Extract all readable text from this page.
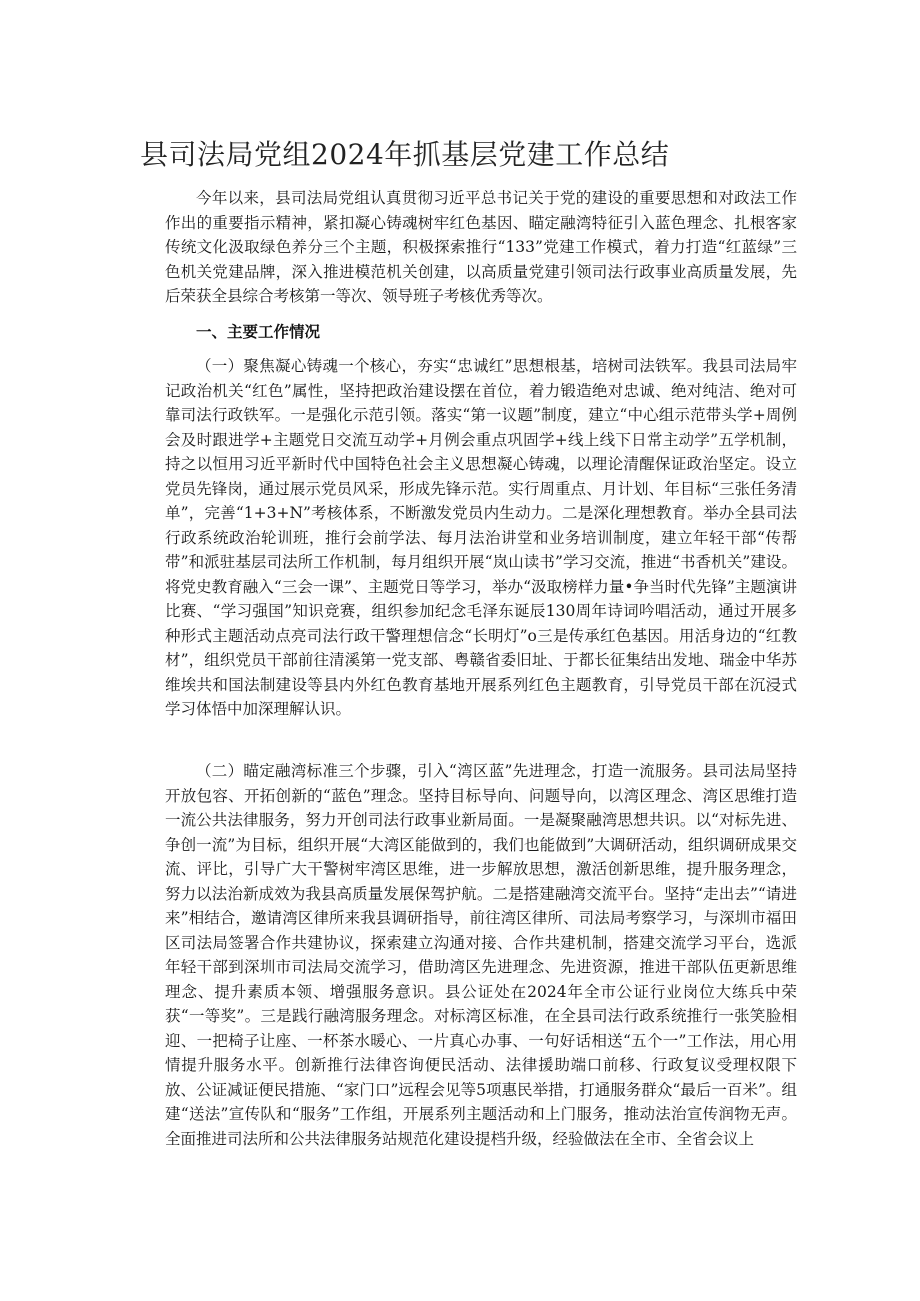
县司法局党组2024年抓基层党建工作总结

今年以来，县司法局党组认真贯彻习近平总书记关于党的建设的重要思想和对政法工作作出的重要指示精神，紧扣凝心铸魂树牢红色基因、瞄定融湾特征引入蓝色理念、扎根客家传统文化汲取绿色养分三个主题，积极探索推行“133”党建工作模式，着力打造“红蓝绿”三色机关党建品牌，深入推进模范机关创建，以高质量党建引领司法行政事业高质量发展，先后荣获全县综合考核第一等次、领导班子考核优秀等次。

一、主要工作情况

（一）聚焦凝心铸魂一个核心，夯实“忠诚红”思想根基，培树司法铁军。我县司法局牢记政治机关“红色”属性，坚持把政治建设摆在首位，着力锻造绝对忠诚、绝对纯洁、绝对可靠司法行政铁军。一是强化示范引领。落实“第一议题”制度，建立“中心组示范带头学+周例会及时跟进学+主题党日交流互动学+月例会重点巩固学+线上线下日常主动学”五学机制，持之以恒用习近平新时代中国特色社会主义思想凝心铸魂，以理论清醒保证政治坚定。设立党员先锋岗，通过展示党员风采，形成先锋示范。实行周重点、月计划、年目标“三张任务清单”，完善“1+3+N”考核体系，不断激发党员内生动力。二是深化理想教育。举办全县司法行政系统政治轮训班，推行会前学法、每月法治讲堂和业务培训制度，建立年轻干部“传帮带”和派驻基层司法所工作机制，每月组织开展“岚山读书”学习交流，推进“书香机关”建设。将党史教育融入“三会一课”、主题党日等学习，举办“汲取榜样力量•争当时代先锋”主题演讲比赛、“学习强国”知识竞赛，组织参加纪念毛泽东诞辰130周年诗词吟唱活动，通过开展多种形式主题活动点亮司法行政干警理想信念“长明灯”o三是传承红色基因。用活身边的“红教材”，组织党员干部前往清溪第一党支部、粤赣省委旧址、于都长征集结出发地、瑞金中华苏维埃共和国法制建设等县内外红色教育基地开展系列红色主题教育，引导党员干部在沉浸式学习体悟中加深理解认识。

（二）瞄定融湾标准三个步骤，引入“湾区蓝”先进理念，打造一流服务。县司法局坚持开放包容、开拓创新的“蓝色”理念。坚持目标导向、问题导向，以湾区理念、湾区思维打造一流公共法律服务，努力开创司法行政事业新局面。一是凝聚融湾思想共识。以“对标先进、争创一流”为目标，组织开展“大湾区能做到的，我们也能做到”大调研活动，组织调研成果交流、评比，引导广大干警树牢湾区思维，进一步解放思想，激活创新思维，提升服务理念，努力以法治新成效为我县高质量发展保驾护航。二是搭建融湾交流平台。坚持“走出去”“请进来”相结合，邀请湾区律所来我县调研指导，前往湾区律所、司法局考察学习，与深圳市福田区司法局签署合作共建协议，探索建立沟通对接、合作共建机制，搭建交流学习平台，选派年轻干部到深圳市司法局交流学习，借助湾区先进理念、先进资源，推进干部队伍更新思维理念、提升素质本领、增强服务意识。县公证处在2024年全市公证行业岗位大练兵中荣获“一等奖”。三是践行融湾服务理念。对标湾区标准，在全县司法行政系统推行一张笑脸相迎、一把椅子让座、一杯茶水暖心、一片真心办事、一句好话相送“五个一”工作法，用心用情提升服务水平。创新推行法律咨询便民活动、法律援助端口前移、行政复议受理权限下放、公证减证便民措施、“家门口”远程会见等5项惠民举措，打通服务群众“最后一百米”。组建“送法”宣传队和“服务”工作组，开展系列主题活动和上门服务，推动法治宣传润物无声。全面推进司法所和公共法律服务站规范化建设提档升级，经验做法在全市、全省会议上
